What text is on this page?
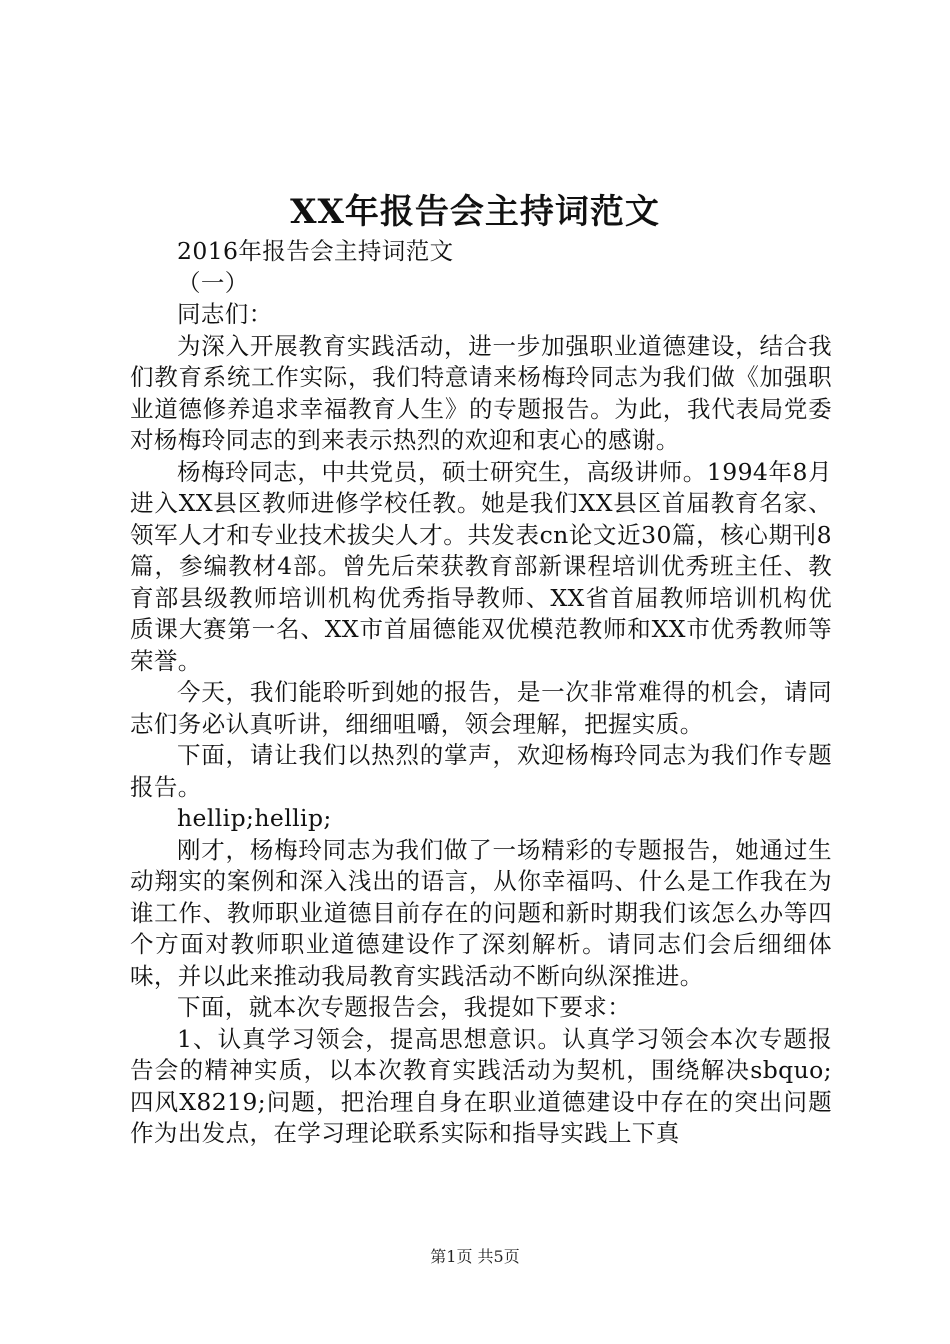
XX年报告会主持词范文

2016年报告会主持词范文

（一）

同志们：

为深入开展教育实践活动，进一步加强职业道德建设，结合我们教育系统工作实际，我们特意请来杨梅玲同志为我们做《加强职业道德修养追求幸福教育人生》的专题报告。为此，我代表局党委对杨梅玲同志的到来表示热烈的欢迎和衷心的感谢。

杨梅玲同志，中共党员，硕士研究生，高级讲师。1994年8月进入XX县区教师进修学校任教。她是我们XX县区首届教育名家、领军人才和专业技术拔尖人才。共发表cn论文近30篇，核心期刊8篇，参编教材4部。曾先后荣获教育部新课程培训优秀班主任、教育部县级教师培训机构优秀指导教师、XX省首届教师培训机构优质课大赛第一名、XX市首届德能双优模范教师和XX市优秀教师等荣誉。

今天，我们能聆听到她的报告，是一次非常难得的机会，请同志们务必认真听讲，细细咀嚼，领会理解，把握实质。

下面，请让我们以热烈的掌声，欢迎杨梅玲同志为我们作专题报告。

hellip;hellip;

刚才，杨梅玲同志为我们做了一场精彩的专题报告，她通过生动翔实的案例和深入浅出的语言，从你幸福吗、什么是工作我在为谁工作、教师职业道德目前存在的问题和新时期我们该怎么办等四个方面对教师职业道德建设作了深刻解析。请同志们会后细细体味，并以此来推动我局教育实践活动不断向纵深推进。

下面，就本次专题报告会，我提如下要求：

1、认真学习领会，提高思想意识。认真学习领会本次专题报告会的精神实质，以本次教育实践活动为契机，围绕解决sbquo;四风X8219;问题，把治理自身在职业道德建设中存在的突出问题作为出发点，在学习理论联系实际和指导实践上下真

第1页 共5页
